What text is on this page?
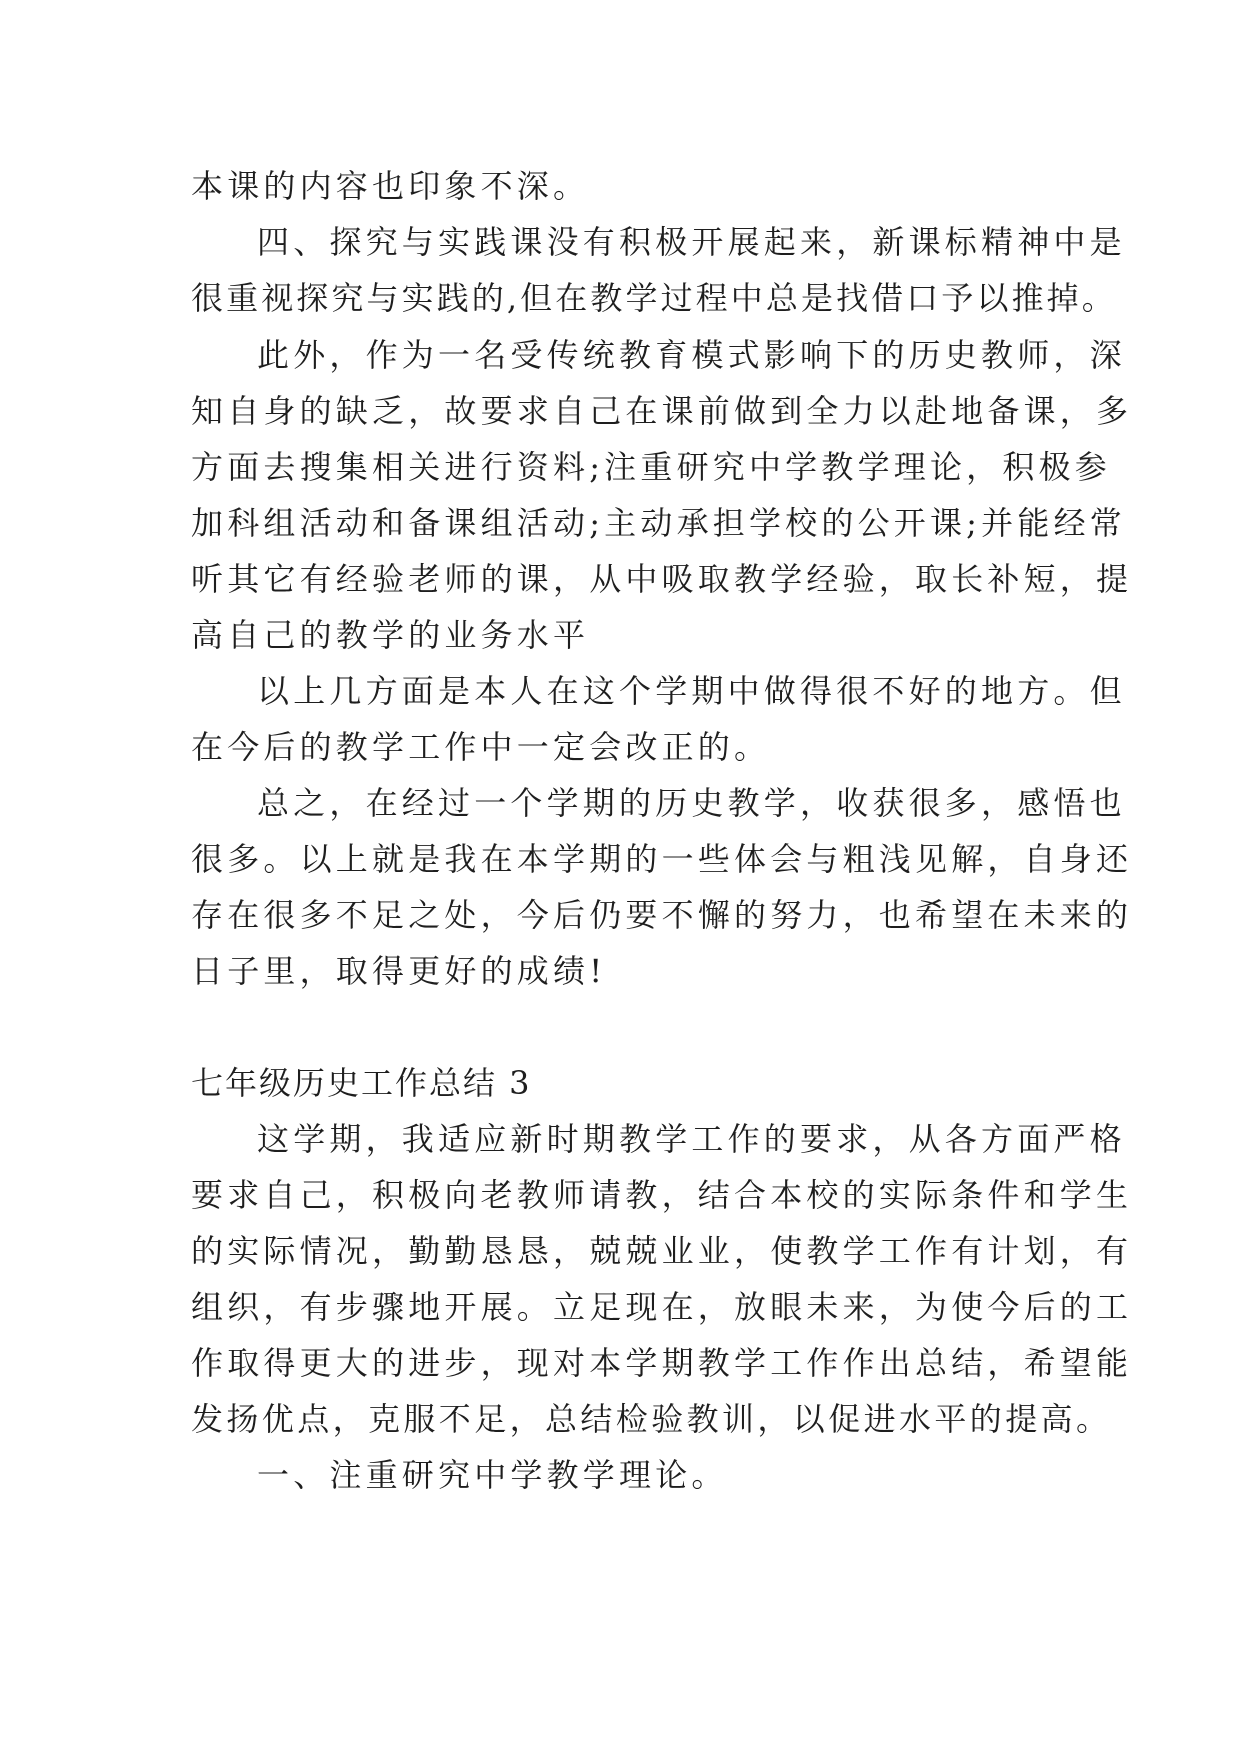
本课的内容也印象不深。

四、探究与实践课没有积极开展起来，新课标精神中是

很重视探究与实践的,但在教学过程中总是找借口予以推掉。

此外，作为一名受传统教育模式影响下的历史教师，深

知自身的缺乏，故要求自己在课前做到全力以赴地备课，多

方面去搜集相关进行资料;注重研究中学教学理论，积极参

加科组活动和备课组活动;主动承担学校的公开课;并能经常

听其它有经验老师的课，从中吸取教学经验，取长补短，提

高自己的教学的业务水平

以上几方面是本人在这个学期中做得很不好的地方。但

在今后的教学工作中一定会改正的。

总之，在经过一个学期的历史教学，收获很多，感悟也

很多。以上就是我在本学期的一些体会与粗浅见解，自身还

存在很多不足之处，今后仍要不懈的努力，也希望在未来的

日子里，取得更好的成绩!

七年级历史工作总结 3

这学期，我适应新时期教学工作的要求，从各方面严格

要求自己，积极向老教师请教，结合本校的实际条件和学生

的实际情况，勤勤恳恳，兢兢业业，使教学工作有计划，有

组织，有步骤地开展。立足现在，放眼未来，为使今后的工

作取得更大的进步，现对本学期教学工作作出总结，希望能

发扬优点，克服不足，总结检验教训，以促进水平的提高。

一、注重研究中学教学理论。
